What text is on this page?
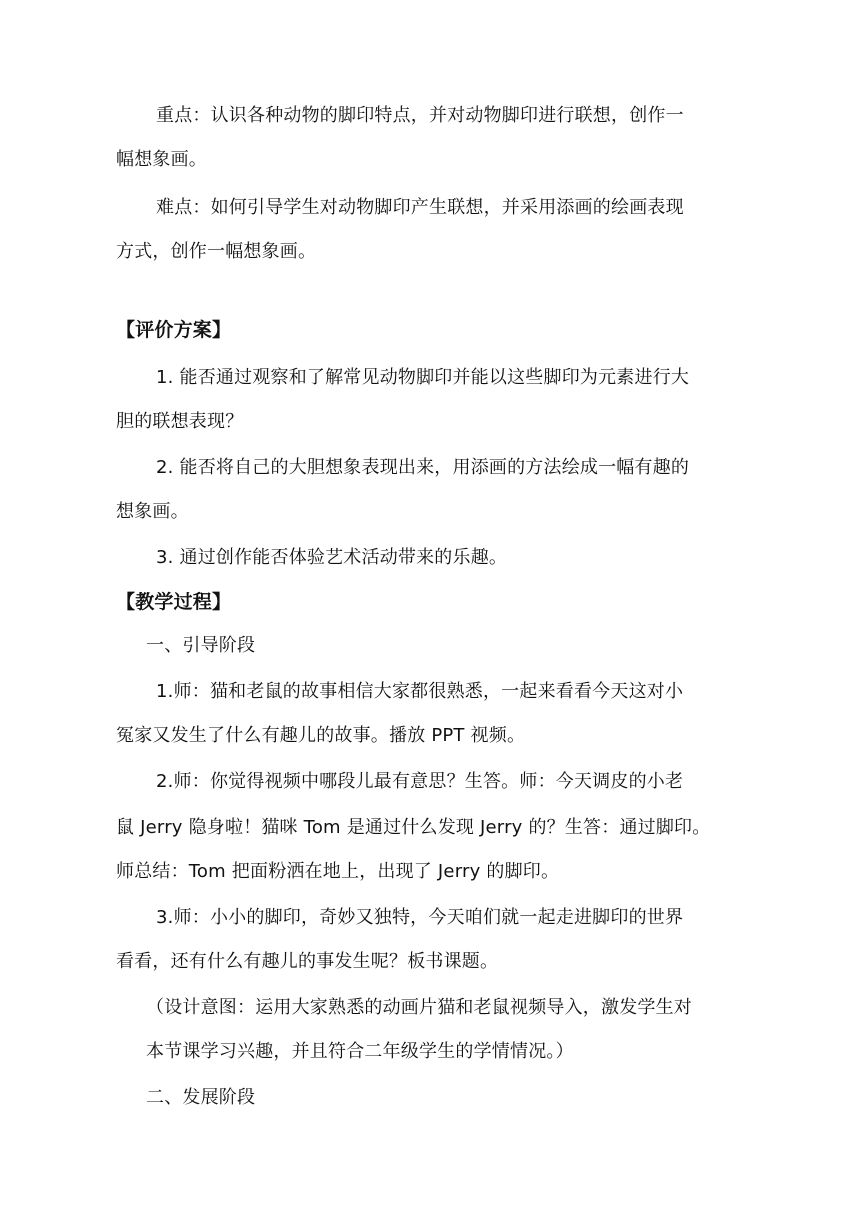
重点：认识各种动物的脚印特点，并对动物脚印进行联想，创作一
幅想象画。
难点：如何引导学生对动物脚印产生联想，并采用添画的绘画表现
方式，创作一幅想象画。
【评价方案】
1. 能否通过观察和了解常见动物脚印并能以这些脚印为元素进行大
胆的联想表现？
2. 能否将自己的大胆想象表现出来，用添画的方法绘成一幅有趣的
想象画。
3. 通过创作能否体验艺术活动带来的乐趣。
【教学过程】
一、引导阶段
1.师：猫和老鼠的故事相信大家都很熟悉，一起来看看今天这对小
冤家又发生了什么有趣儿的故事。播放 PPT 视频。
2.师：你觉得视频中哪段儿最有意思？生答。师：今天调皮的小老
鼠 Jerry 隐身啦！猫咪 Tom 是通过什么发现 Jerry 的？生答：通过脚印。
师总结：Tom 把面粉洒在地上，出现了 Jerry 的脚印。
3.师：小小的脚印，奇妙又独特，今天咱们就一起走进脚印的世界
看看，还有什么有趣儿的事发生呢？板书课题。
（设计意图：运用大家熟悉的动画片猫和老鼠视频导入，激发学生对
本节课学习兴趣，并且符合二年级学生的学情情况。）
二、发展阶段
